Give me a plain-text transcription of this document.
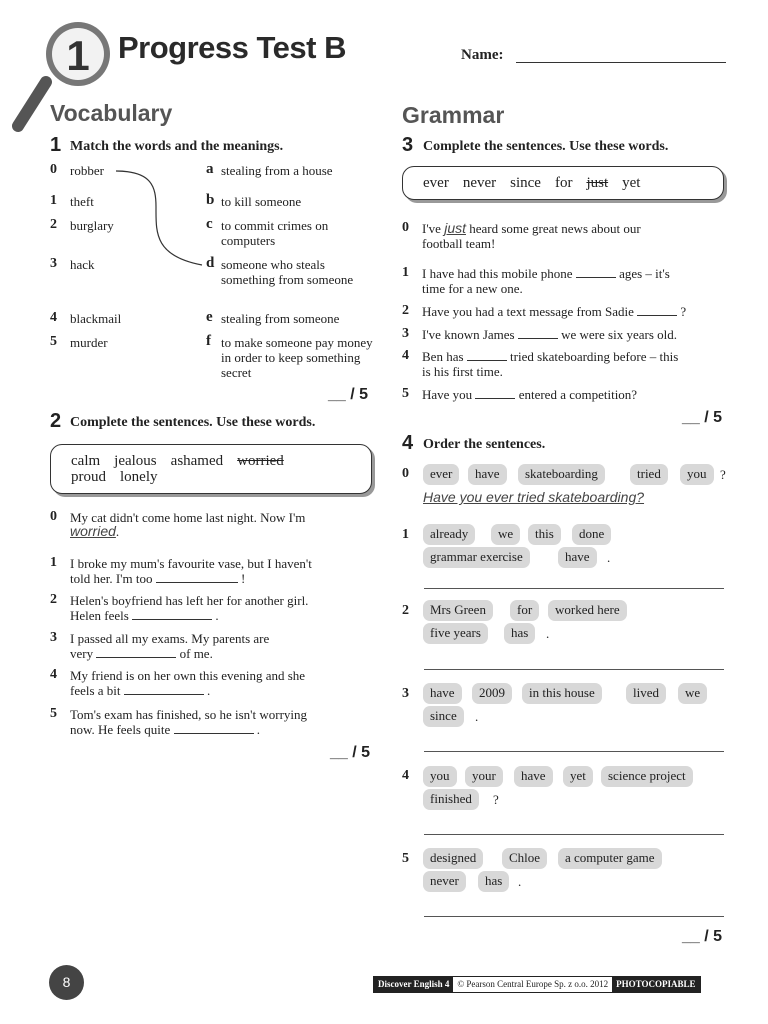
1 Progress Test B	Name:
Vocabulary
1 Match the words and the meanings.
0 robber
1 theft
2 burglary
3 hack
4 blackmail
5 murder
a stealing from a house
b to kill someone
c to commit crimes on computers
d someone who steals something from someone
e stealing from someone
f to make someone pay money in order to keep something secret
__ / 5
2 Complete the sentences. Use these words.
calm jealous ashamed worried
proud lonely
0 My cat didn't come home last night. Now I'm
worried.
1 I broke my mum's favourite vase, but I haven't
told her. I'm too	!
2 Helen's boyfriend has left her for another girl.
Helen feels	.
3 I passed all my exams. My parents are
very	of me.
4 My friend is on her own this evening and she
feels a bit	.
5 Tom's exam has finished, so he isn't worrying
now. He feels quite	.
__ / 5
Grammar
3 Complete the sentences. Use these words.
ever never since for just yet
0 I've just heard some great news about our
football team!
1 I have had this mobile phone	ages – it's
time for a new one.
2 Have you had a text message from Sadie	?
3 I've known James	we were six years old.
4 Ben has	tried skateboarding before – this
is his first time.
5 Have you	entered a competition?
__ / 5
4 Order the sentences.
0	ever	have	skateboarding	tried	you	?
Have you ever tried skateboarding?
1	already	we	this	done
grammar exercise	have	.
2	Mrs Green	for	worked here
five years	has	.
3	have	2009	in this house	lived	we
since	.
4	you	your	have	yet	science project
finished	?
5	designed	Chloe	a computer game
never	has	.
__ / 5
8	Discover English 4 © Pearson Central Europe Sp. z o.o. 2012 PHOTOCOPIABLE
